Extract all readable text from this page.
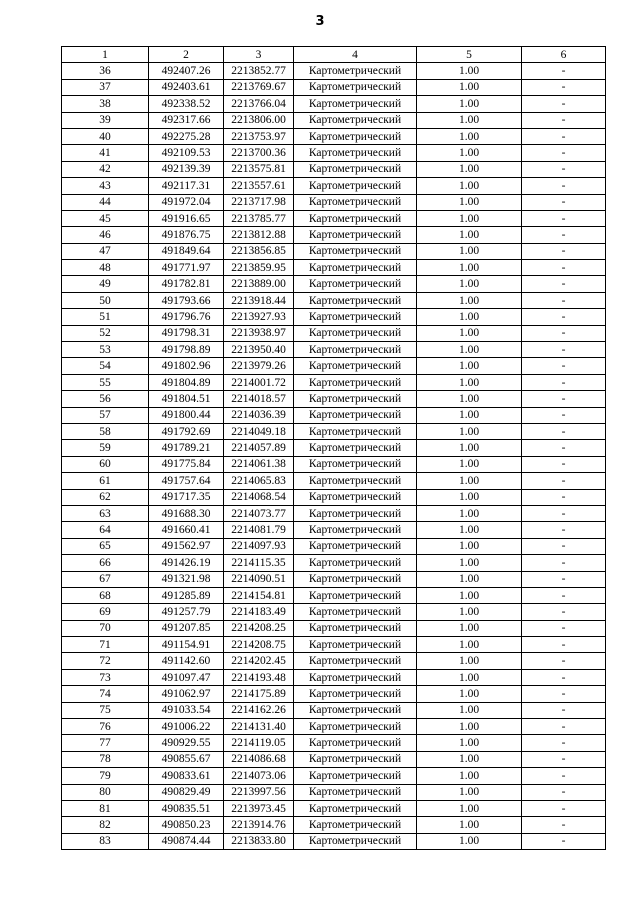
3
1	2	3	4	5	6
36	492407.26	2213852.77	Картометрический	1.00	-
37	492403.61	2213769.67	Картометрический	1.00	-
38	492338.52	2213766.04	Картометрический	1.00	-
39	492317.66	2213806.00	Картометрический	1.00	-
40	492275.28	2213753.97	Картометрический	1.00	-
41	492109.53	2213700.36	Картометрический	1.00	-
42	492139.39	2213575.81	Картометрический	1.00	-
43	492117.31	2213557.61	Картометрический	1.00	-
44	491972.04	2213717.98	Картометрический	1.00	-
45	491916.65	2213785.77	Картометрический	1.00	-
46	491876.75	2213812.88	Картометрический	1.00	-
47	491849.64	2213856.85	Картометрический	1.00	-
48	491771.97	2213859.95	Картометрический	1.00	-
49	491782.81	2213889.00	Картометрический	1.00	-
50	491793.66	2213918.44	Картометрический	1.00	-
51	491796.76	2213927.93	Картометрический	1.00	-
52	491798.31	2213938.97	Картометрический	1.00	-
53	491798.89	2213950.40	Картометрический	1.00	-
54	491802.96	2213979.26	Картометрический	1.00	-
55	491804.89	2214001.72	Картометрический	1.00	-
56	491804.51	2214018.57	Картометрический	1.00	-
57	491800.44	2214036.39	Картометрический	1.00	-
58	491792.69	2214049.18	Картометрический	1.00	-
59	491789.21	2214057.89	Картометрический	1.00	-
60	491775.84	2214061.38	Картометрический	1.00	-
61	491757.64	2214065.83	Картометрический	1.00	-
62	491717.35	2214068.54	Картометрический	1.00	-
63	491688.30	2214073.77	Картометрический	1.00	-
64	491660.41	2214081.79	Картометрический	1.00	-
65	491562.97	2214097.93	Картометрический	1.00	-
66	491426.19	2214115.35	Картометрический	1.00	-
67	491321.98	2214090.51	Картометрический	1.00	-
68	491285.89	2214154.81	Картометрический	1.00	-
69	491257.79	2214183.49	Картометрический	1.00	-
70	491207.85	2214208.25	Картометрический	1.00	-
71	491154.91	2214208.75	Картометрический	1.00	-
72	491142.60	2214202.45	Картометрический	1.00	-
73	491097.47	2214193.48	Картометрический	1.00	-
74	491062.97	2214175.89	Картометрический	1.00	-
75	491033.54	2214162.26	Картометрический	1.00	-
76	491006.22	2214131.40	Картометрический	1.00	-
77	490929.55	2214119.05	Картометрический	1.00	-
78	490855.67	2214086.68	Картометрический	1.00	-
79	490833.61	2214073.06	Картометрический	1.00	-
80	490829.49	2213997.56	Картометрический	1.00	-
81	490835.51	2213973.45	Картометрический	1.00	-
82	490850.23	2213914.76	Картометрический	1.00	-
83	490874.44	2213833.80	Картометрический	1.00	-
